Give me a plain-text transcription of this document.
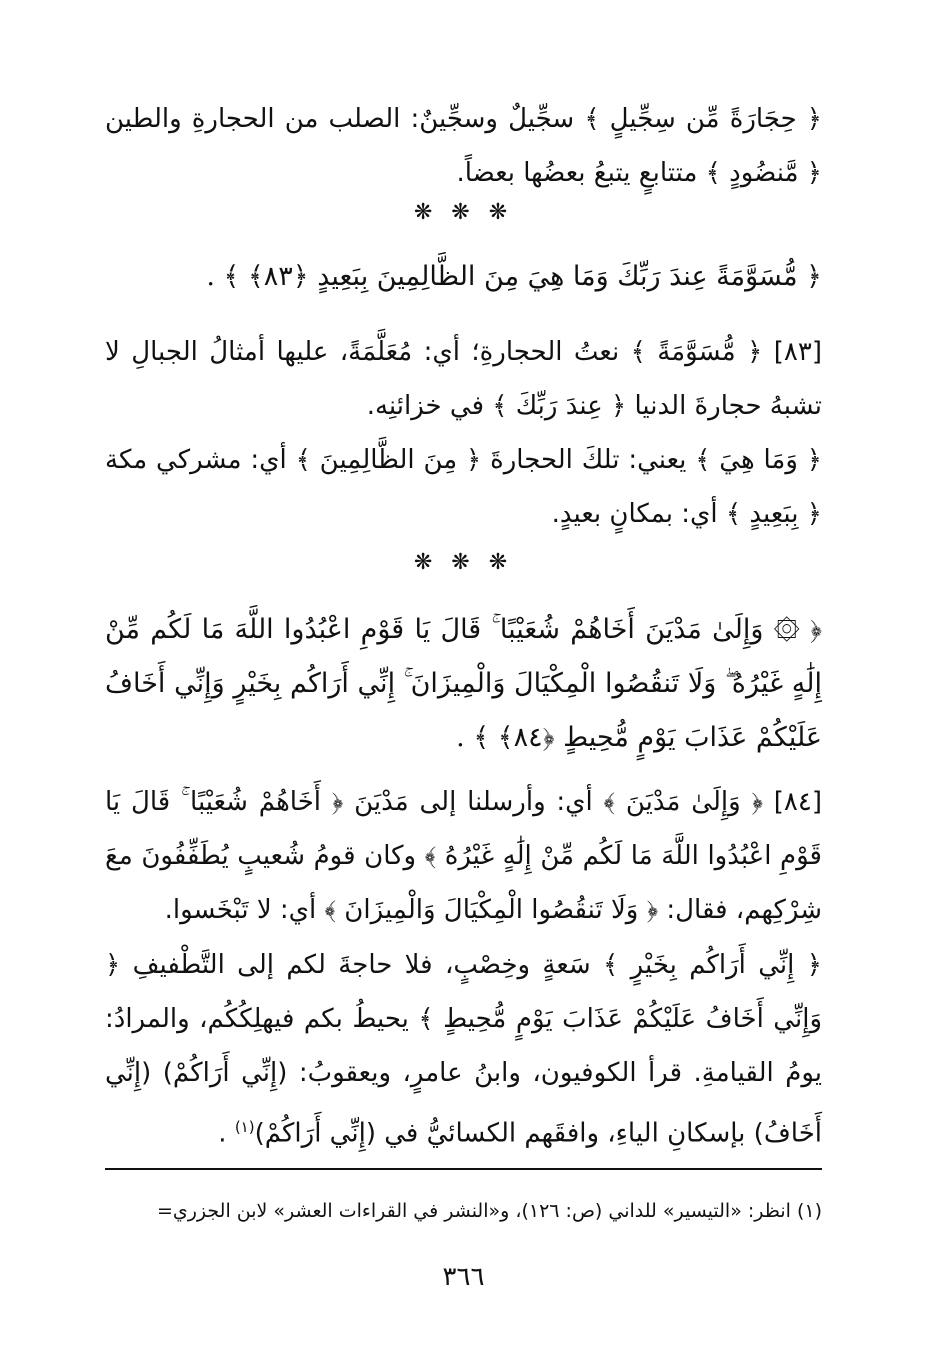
﴿ حِجَارَةً مِّن سِجِّيلٍ ﴾ سجِّيلٌ وسجِّينٌ: الصلب من الحجارةِ والطين ﴿ مَّنضُودٍ ﴾ متتابعٍ يتبعُ بعضُها بعضاً.

❋ ❋ ❋

﴿ مُّسَوَّمَةً عِندَ رَبِّكَ وَمَا هِيَ مِنَ الظَّالِمِينَ بِبَعِيدٍ ﴿٨٣﴾ ﴾ .

[٨٣] ﴿ مُّسَوَّمَةً ﴾ نعتُ الحجارةِ؛ أي: مُعَلَّمَةً، عليها أمثالُ الجبالِ لا تشبهُ حجارةَ الدنيا ﴿ عِندَ رَبِّكَ ﴾ في خزائنِه.

﴿ وَمَا هِيَ ﴾ يعني: تلكَ الحجارةَ ﴿ مِنَ الظَّالِمِينَ ﴾ أي: مشركي مكة ﴿ بِبَعِيدٍ ﴾ أي: بمكانٍ بعيدٍ.

❋ ❋ ❋

﴿ ۞ وَإِلَىٰ مَدْيَنَ أَخَاهُمْ شُعَيْبًا ۚ قَالَ يَا قَوْمِ اعْبُدُوا اللَّهَ مَا لَكُم مِّنْ إِلَٰهٍ غَيْرُهُ ۖ وَلَا تَنقُصُوا الْمِكْيَالَ وَالْمِيزَانَ ۚ إِنِّي أَرَاكُم بِخَيْرٍ وَإِنِّي أَخَافُ عَلَيْكُمْ عَذَابَ يَوْمٍ مُّحِيطٍ ﴿٨٤﴾ ﴾ .

[٨٤] ﴿ وَإِلَىٰ مَدْيَنَ ﴾ أي: وأرسلنا إلى مَدْيَنَ ﴿ أَخَاهُمْ شُعَيْبًا ۚ قَالَ يَا قَوْمِ اعْبُدُوا اللَّهَ مَا لَكُم مِّنْ إِلَٰهٍ غَيْرُهُ ﴾ وكان قومُ شُعيبٍ يُطَفِّفُونَ معَ شِرْكِهم، فقال: ﴿ وَلَا تَنقُصُوا الْمِكْيَالَ وَالْمِيزَانَ ﴾ أي: لا تَبْخَسوا.

﴿ إِنِّي أَرَاكُم بِخَيْرٍ ﴾ سَعةٍ وخِصْبٍ، فلا حاجةَ لكم إلى التَّطْفيفِ ﴿ وَإِنِّي أَخَافُ عَلَيْكُمْ عَذَابَ يَوْمٍ مُّحِيطٍ ﴾ يحيطُ بكم فيهلِكُكُم، والمرادُ: يومُ القيامةِ. قرأ الكوفيون، وابنُ عامرٍ، ويعقوبُ: (إِنِّي أَرَاكُمْ) (إِنِّي أَخَافُ) بإسكانِ الياءِ، وافقَهم الكسائيُّ في (إِنِّي أَرَاكُمْ)$^{(١)}$ .

(١) انظر: «التيسير» للداني (ص: ١٢٦)، و«النشر في القراءات العشر» لابن الجزري=

٣٦٦
